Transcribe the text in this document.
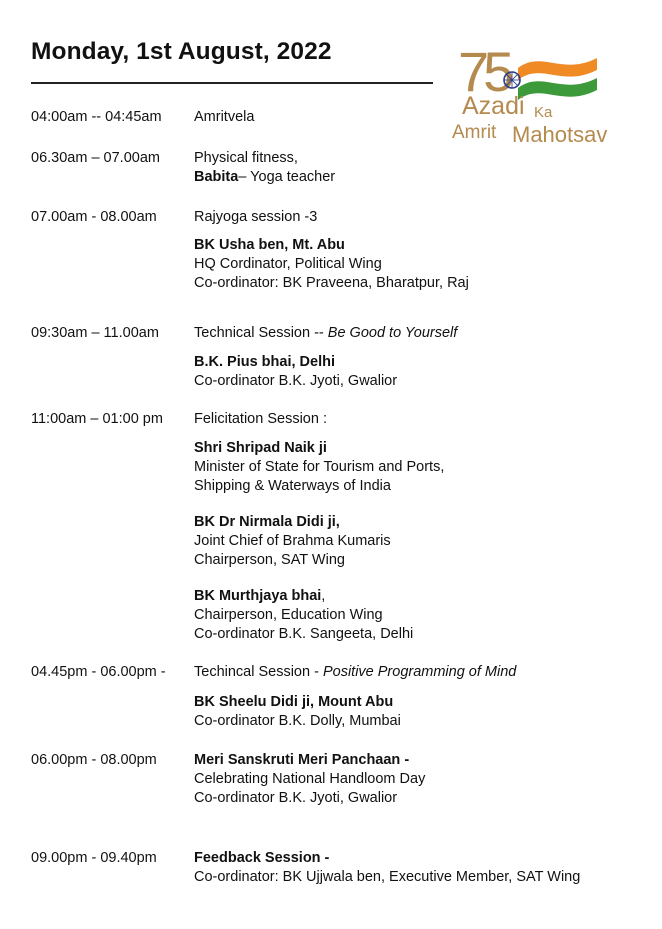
Monday, 1st August, 2022 75
Azadi Ka
Amrit Mahotsav
04:00am -- 04:45am Amritvela
06.30am – 07.00am Physical fitness,
Babita– Yoga teacher
07.00am - 08.00am	Rajyoga session -3
BK Usha ben, Mt. Abu
HQ Cordinator, Political Wing
Co-ordinator: BK Praveena, Bharatpur, Raj
09:30am – 11.00am Technical Session -- Be Good to Yourself
B.K. Pius bhai, Delhi
Co-ordinator B.K. Jyoti, Gwalior
11:00am – 01:00 pm Felicitation Session :
Shri Shripad Naik ji
Minister of State for Tourism and Ports,
Shipping & Waterways of India
BK Dr Nirmala Didi ji,
Joint Chief of Brahma Kumaris
Chairperson, SAT Wing
BK Murthjaya bhai,
Chairperson, Education Wing
Co-ordinator B.K. Sangeeta, Delhi
04.45pm - 06.00pm - Techincal Session - Positive Programming of Mind
BK Sheelu Didi ji, Mount Abu
Co-ordinator B.K. Dolly, Mumbai
06.00pm - 08.00pm	Meri Sanskruti Meri Panchaan -
Celebrating National Handloom Day
Co-ordinator B.K. Jyoti, Gwalior
09.00pm - 09.40pm	Feedback Session -
Co-ordinator: BK Ujjwala ben, Executive Member, SAT Wing
